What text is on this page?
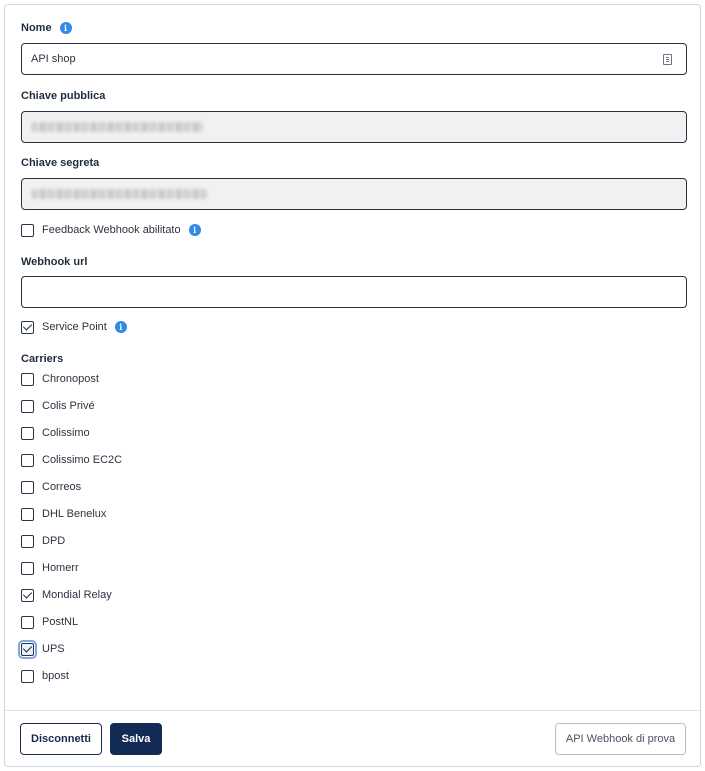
Nome	i
API shop
Chiave pubblica
Chiave segreta
Feedback Webhook abilitato	i
Webhook url
Service Point	i
Carriers
Chronopost
Colis Privé
Colissimo
Colissimo EC2C
Correos
DHL Benelux
DPD
Homerr
Mondial Relay
PostNL
UPS
bpost
Disconnetti	Salva	API Webhook di prova
